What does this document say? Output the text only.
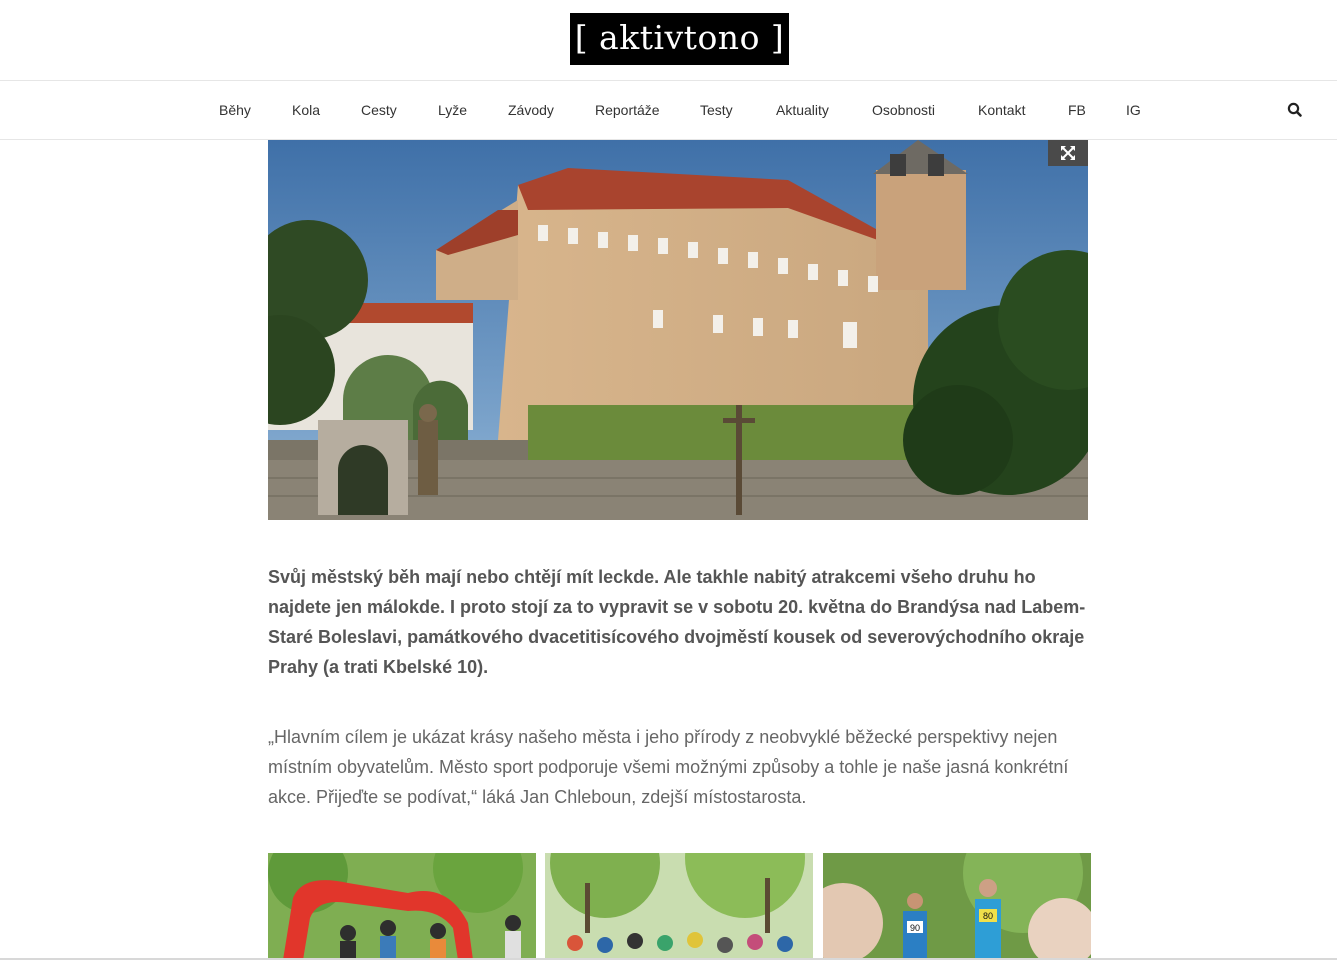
[ aktivtono ]
Běhy	Kola	Cesty	Lyže	Závody	Reportáže	Testy	Aktuality	Osobnosti	Kontakt	FB	IG

Svůj městský běh mají nebo chtějí mít leckde. Ale takhle nabitý atrakcemi všeho druhu ho najdete jen málokde. I proto stojí za to vypravit se v sobotu 20. května do Brandýsa nad Labem-Staré Boleslavi, památkového dvacetitisícového dvojměstí kousek od severovýchodního okraje Prahy (a trati Kbelské 10).

„Hlavním cílem je ukázat krásy našeho města i jeho přírody z neobvyklé běžecké perspektivy nejen místním obyvatelům. Město sport podporuje všemi možnými způsoby a tohle je naše jasná konkrétní akce. Přijeďte se podívat,“ láká Jan Chleboun, zdejší místostarosta.

90
80
